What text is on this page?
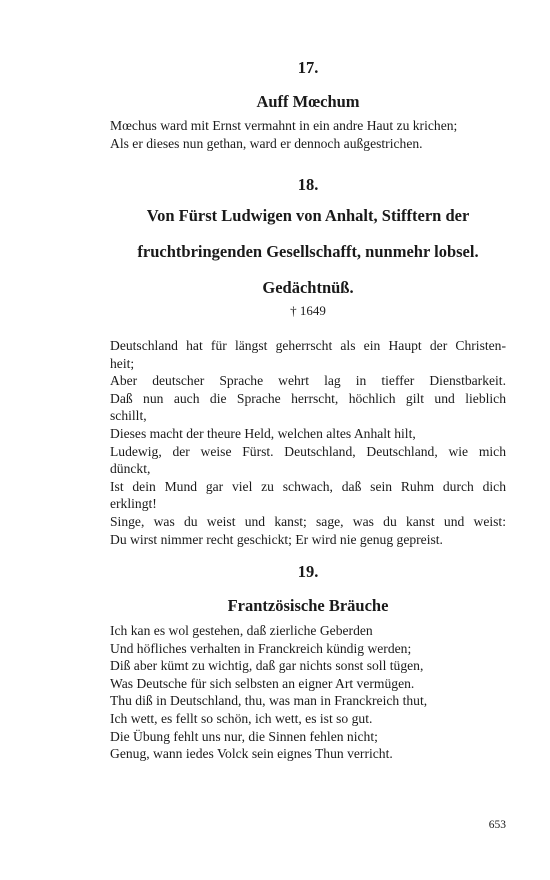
17.
Auff Mœchum
Mœchus ward mit Ernst vermahnt in ein andre Haut zu krichen;
Als er dieses nun gethan, ward er dennoch außgestrichen.
18.
Von Fürst Ludwigen von Anhalt, Stifftern der
fruchtbringenden Gesellschafft, nunmehr lobsel.
Gedächtnüß.
† 1649
Deutschland hat für längst geherrscht als ein Haupt der Christen-
heit;
Aber deutscher Sprache wehrt lag in tieffer Dienstbarkeit.
Daß nun auch die Sprache herrscht, höchlich gilt und lieblich
schillt,
Dieses macht der theure Held, welchen altes Anhalt hilt,
Ludewig, der weise Fürst. Deutschland, Deutschland, wie mich
dünckt,
Ist dein Mund gar viel zu schwach, daß sein Ruhm durch dich
erklingt!
Singe, was du weist und kanst; sage, was du kanst und weist:
Du wirst nimmer recht geschickt; Er wird nie genug gepreist.
19.
Frantzösische Bräuche
Ich kan es wol gestehen, daß zierliche Geberden
Und höfliches verhalten in Franckreich kündig werden;
Diß aber kümt zu wichtig, daß gar nichts sonst soll tügen,
Was Deutsche für sich selbsten an eigner Art vermügen.
Thu diß in Deutschland, thu, was man in Franckreich thut,
Ich wett, es fellt so schön, ich wett, es ist so gut.
Die Übung fehlt uns nur, die Sinnen fehlen nicht;
Genug, wann iedes Volck sein eignes Thun verricht.
653
